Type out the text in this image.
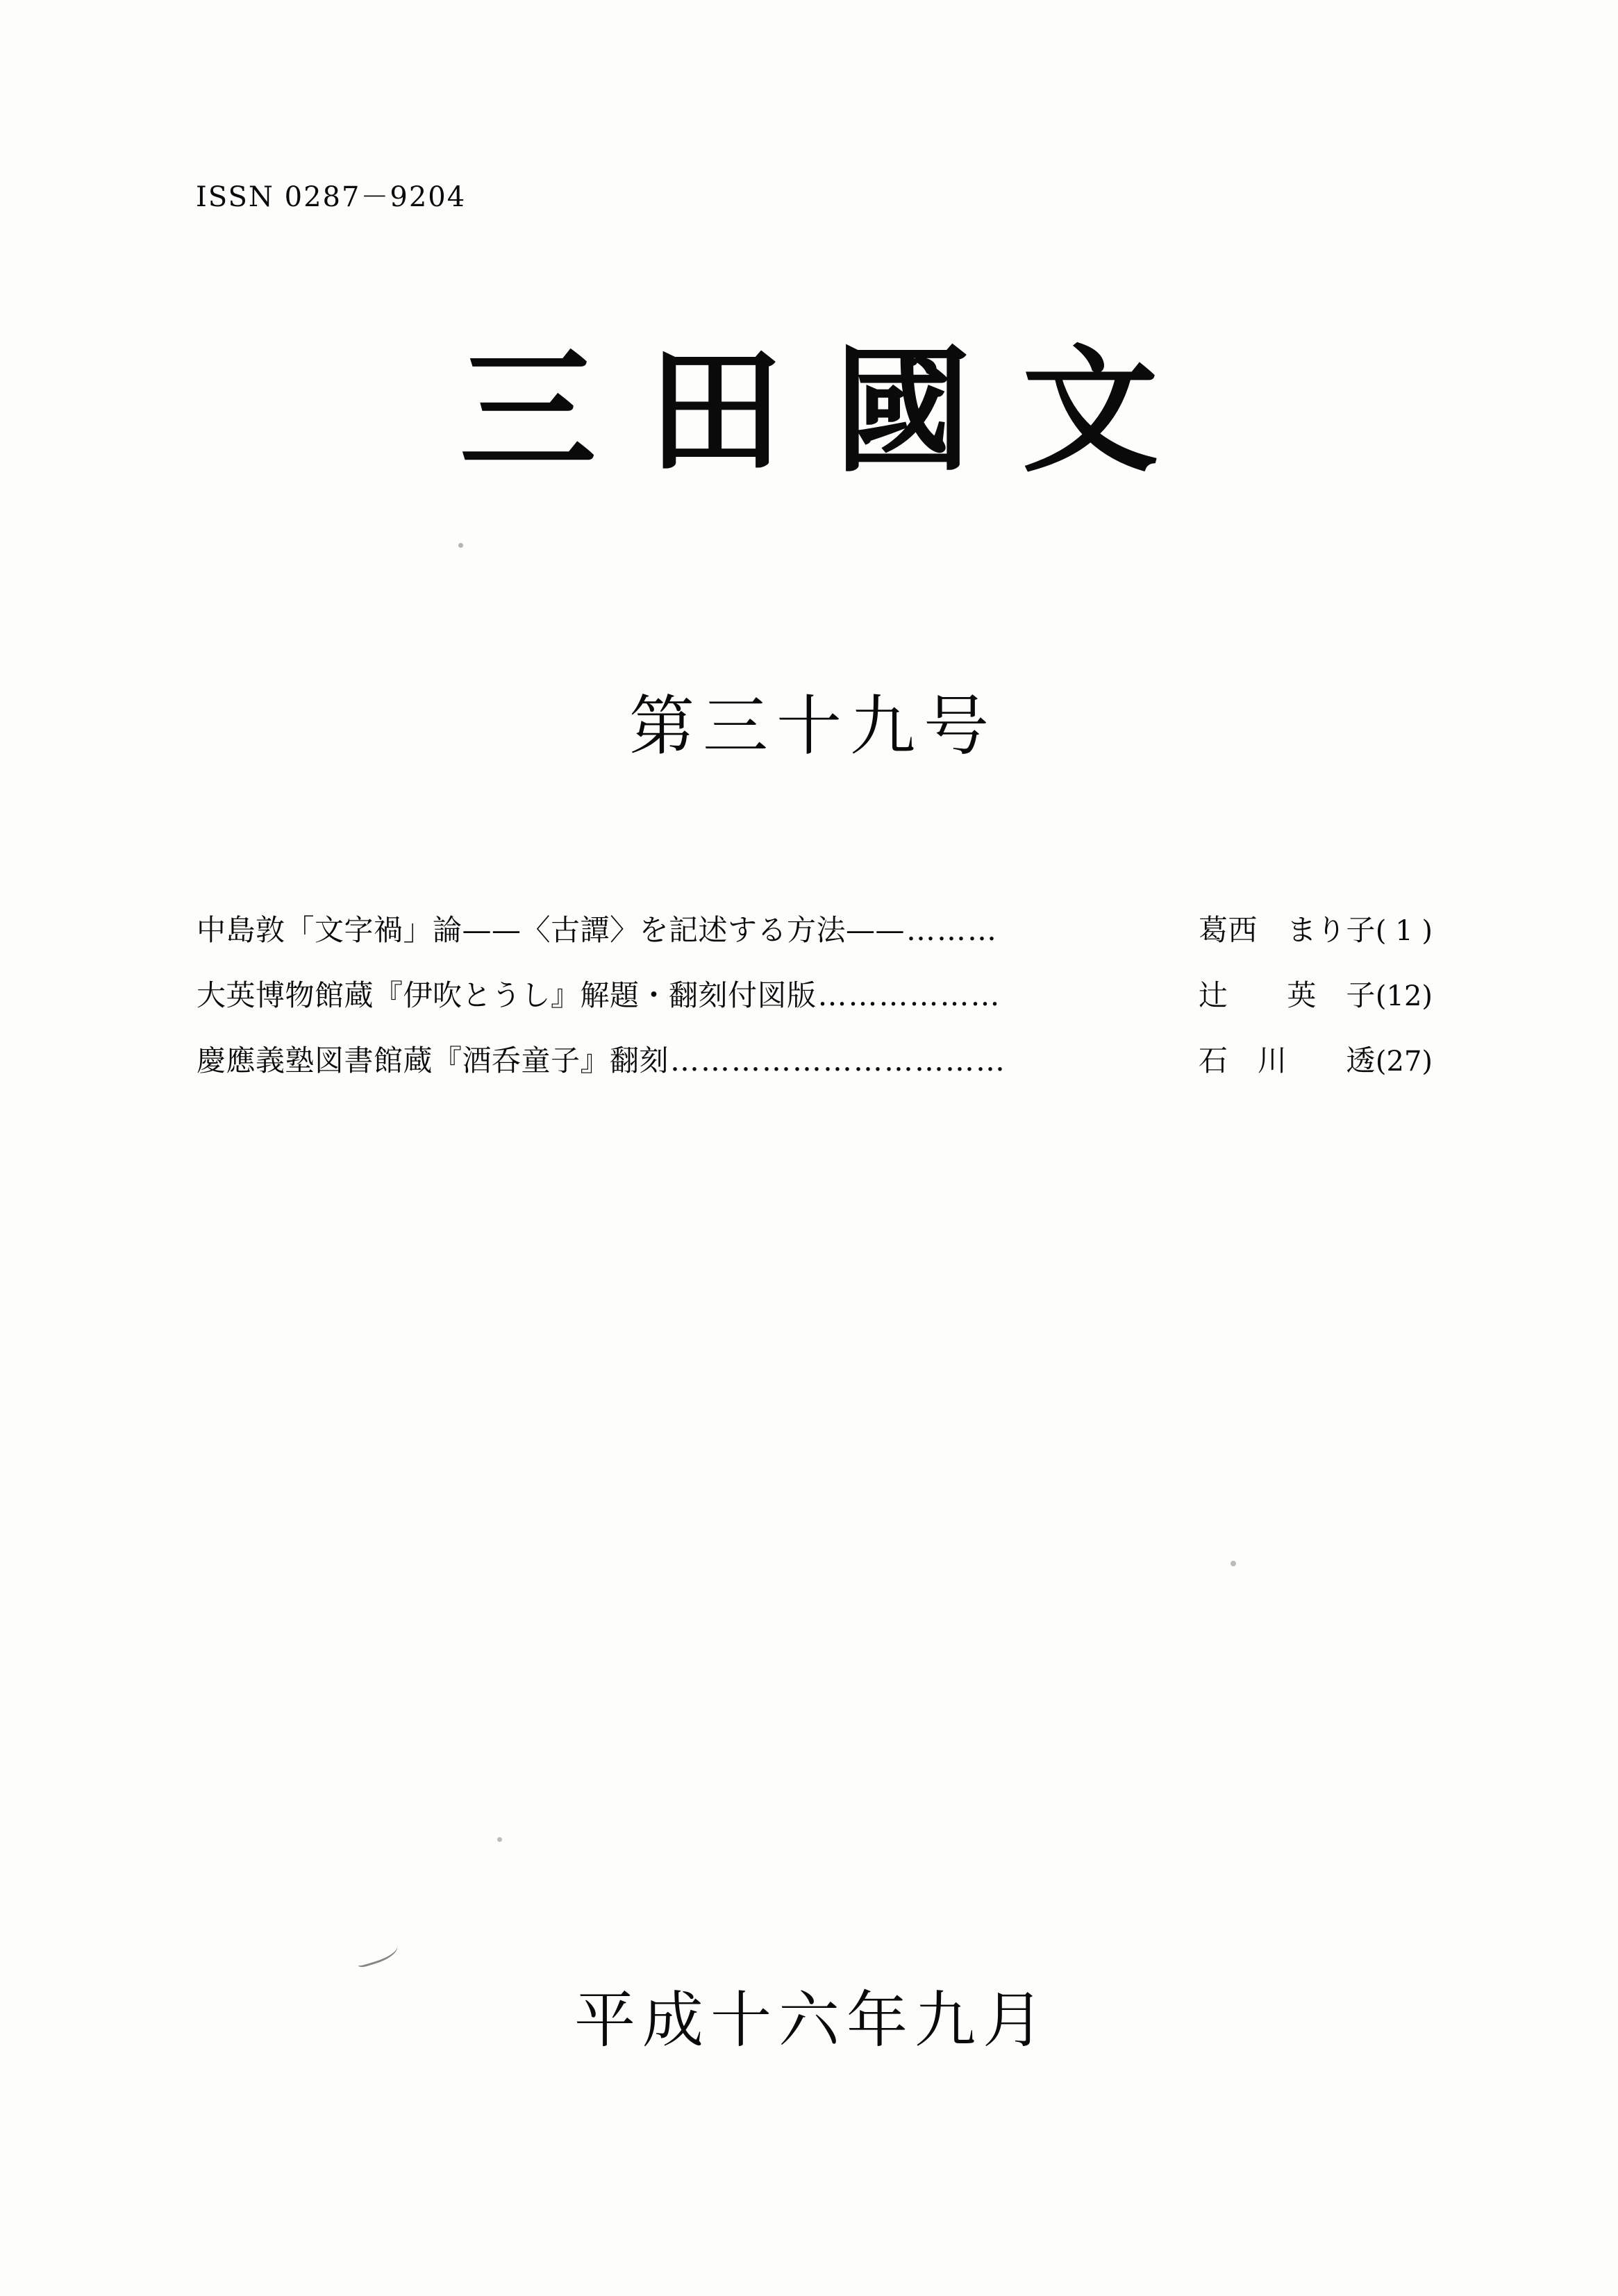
ISSN 0287－9204
三田國文
第三十九号
中島敦「文字禍」論——〈古譚〉を記述する方法—— ………	葛西　まり子 ( 1 )
大英博物館蔵『伊吹とうし』解題・翻刻付図版 ………………	辻　　英　子 (12)
慶應義塾図書館蔵『酒呑童子』翻刻 ……………………………	石　川　　透 (27)
平成十六年九月
